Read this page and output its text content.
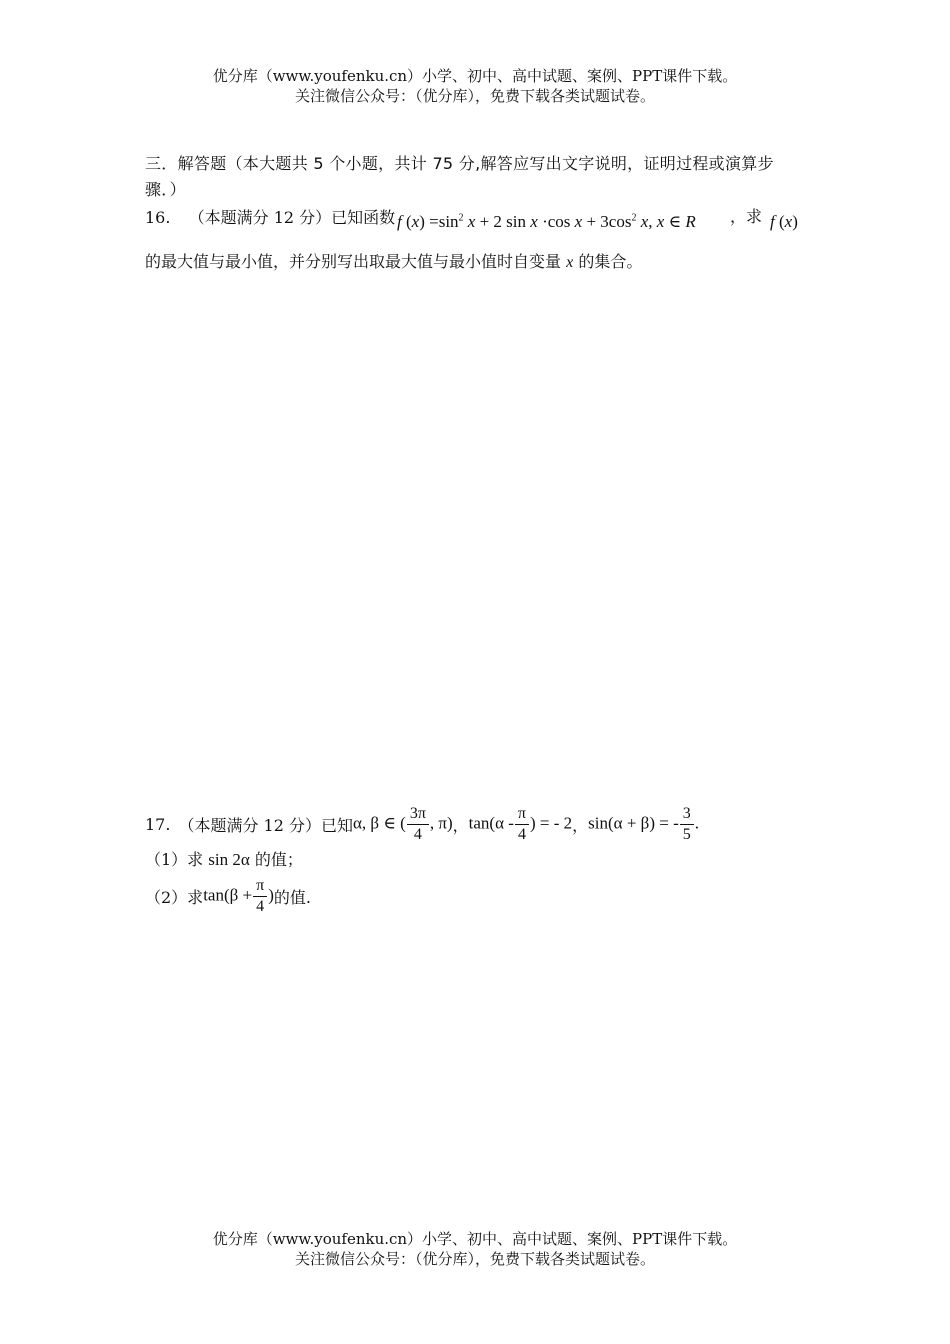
优分库（www.youfenku.cn）小学、初中、高中试题、案例、PPT课件下载。
关注微信公众号：（优分库），免费下载各类试题试卷。
三．解答题（本大题共 5 个小题，共计 75 分,解答应写出文字说明，证明过程或演算步
骤．）
16. （本题满分 12 分）已知函数 f $(x) =\sin^2$ x + 2 sin x ·cos $x + 3\cos^2$ x, x ∈ R ，求 f (x)
的最大值与最小值，并分别写出取最大值与最小值时自变量 x 的集合。
17. （本题满分 12 分）已知 α, β ∈ ( $\frac{3\pi}{4}$ , π) ， $\tan(\alpha - \frac{\pi}{4}$ ) = - 2 ， sin(α + β) = - $\frac{3}{5}$ .
（1）求 sin 2α 的值；
（2）求 $\tan(\beta + \frac{\pi}{4}$ ) 的值.
优分库（www.youfenku.cn）小学、初中、高中试题、案例、PPT课件下载。
关注微信公众号：（优分库），免费下载各类试题试卷。
